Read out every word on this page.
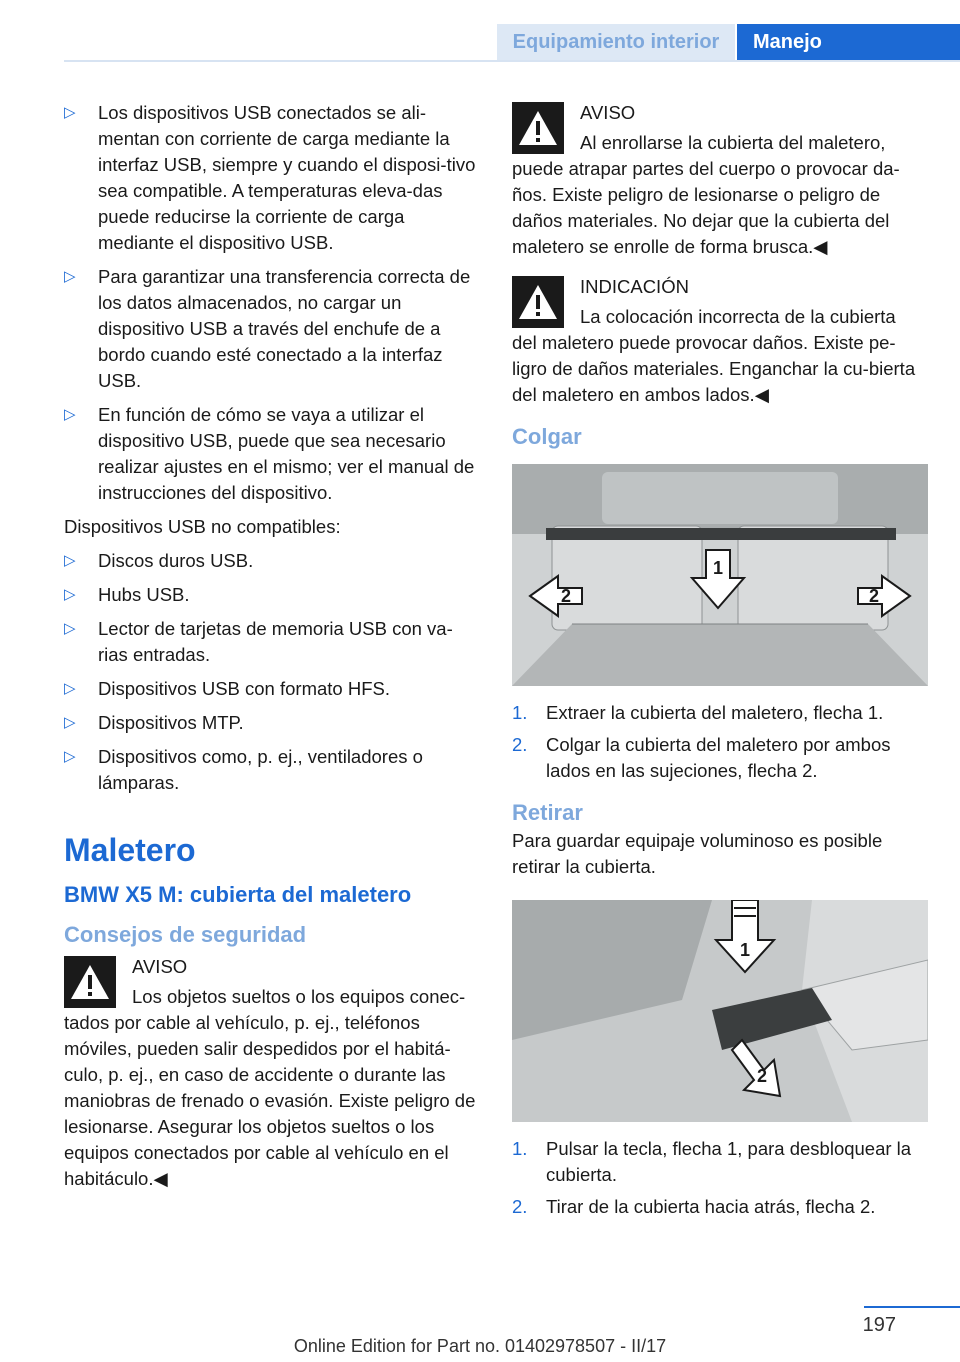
Equipamiento interior	Manejo
▷	Los dispositivos USB conectados se ali-mentan con corriente de carga mediante la interfaz USB, siempre y cuando el disposi-tivo sea compatible. A temperaturas eleva-das puede reducirse la corriente de carga mediante el dispositivo USB.
▷	Para garantizar una transferencia correcta de los datos almacenados, no cargar un dispositivo USB a través del enchufe de a bordo cuando esté conectado a la interfaz USB.
▷	En función de cómo se vaya a utilizar el dispositivo USB, puede que sea necesario realizar ajustes en el mismo; ver el manual de instrucciones del dispositivo.
Dispositivos USB no compatibles:
▷	Discos duros USB.
▷	Hubs USB.
▷	Lector de tarjetas de memoria USB con va-rias entradas.
▷	Dispositivos USB con formato HFS.
▷	Dispositivos MTP.
▷	Dispositivos como, p. ej., ventiladores o lámparas.
Maletero
BMW X5 M: cubierta del maletero
Consejos de seguridad
AVISO
Los objetos sueltos o los equipos conec-
tados por cable al vehículo, p. ej., teléfonos móviles, pueden salir despedidos por el habitá-culo, p. ej., en caso de accidente o durante las maniobras de frenado o evasión. Existe peligro de lesionarse. Asegurar los objetos sueltos o los equipos conectados por cable al vehículo en el habitáculo.◀
AVISO
Al enrollarse la cubierta del maletero,
puede atrapar partes del cuerpo o provocar da-ños. Existe peligro de lesionarse o peligro de daños materiales. No dejar que la cubierta del maletero se enrolle de forma brusca.◀
INDICACIÓN
La colocación incorrecta de la cubierta
del maletero puede provocar daños. Existe pe-ligro de daños materiales. Enganchar la cu-bierta del maletero en ambos lados.◀
Colgar
2
1
2
1.	Extraer la cubierta del maletero, flecha 1.
2.	Colgar la cubierta del maletero por ambos lados en las sujeciones, flecha 2.
Retirar
Para guardar equipaje voluminoso es posible retirar la cubierta.
1
2
1.	Pulsar la tecla, flecha 1, para desbloquear la cubierta.
2.	Tirar de la cubierta hacia atrás, flecha 2.
197
Online Edition for Part no. 01402978507 - II/17
